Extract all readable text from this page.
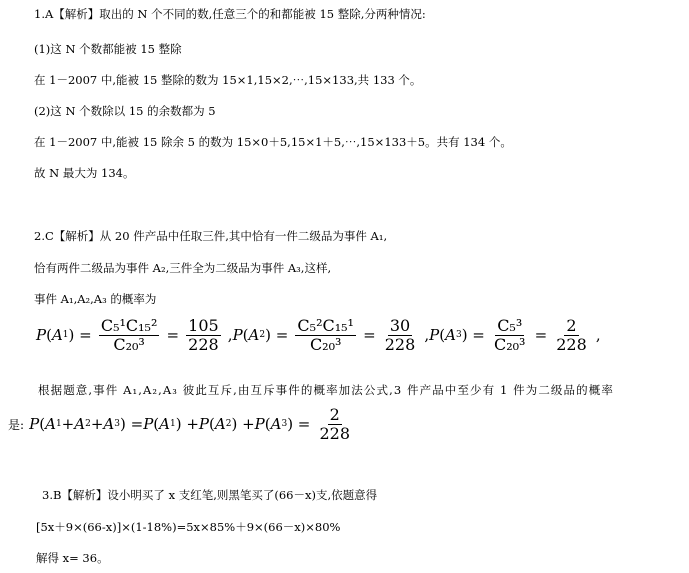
1.A【解析】取出的 N 个不同的数,任意三个的和都能被 15 整除,分两种情况:
(1)这 N 个数都能被 15 整除
在 1－2007 中,能被 15 整除的数为 15×1,15×2,⋯,15×133,共 133 个。
(2)这 N 个数除以 15 的余数都为 5
在 1－2007 中,能被 15 除余 5 的数为 15×0＋5,15×1＋5,⋯,15×133＋5。共有 134 个。
故 N 最大为 134。
2.C【解析】从 20 件产品中任取三件,其中恰有一件二级品为事件 A₁,
恰有两件二级品为事件 A₂,三件全为二级品为事件 A₃,这样,
事件 A₁,A₂,A₃ 的概率为
P ( A 1 ) = $\frac{\text{C₅¹C₁₅²}}{\text{C₂₀³}} = \frac{105}{228}$ , P ( A 2 ) = $\frac{\text{C₅²C₁₅¹}}{\text{C₂₀³}} = \frac{30}{228}$ , P ( A 3 ) = $\frac{\text{C₅³}}{\text{C₂₀³}} = \frac{2}{228}$ ,
根据题意,事件 A₁,A₂,A₃ 彼此互斥,由互斥事件的概率加法公式,3 件产品中至少有 1 件为二级品的概率
是: P ( A 1 + A 2 + A 3 ) = P ( A 1 ) + P ( A 2 ) + P ( A 3 ) = $\frac{2}{228}$
3.B【解析】设小明买了 x 支红笔,则黑笔买了(66－x)支,依题意得
[5x＋9×(66-x)]×(1-18%)=5x×85%＋9×(66－x)×80%
解得 x= 36。
